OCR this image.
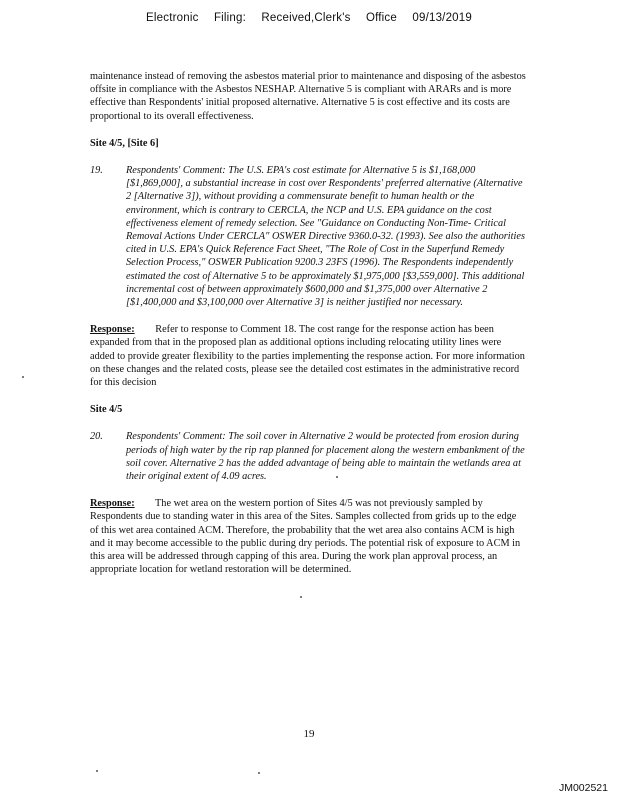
Electronic Filing: Received,Clerk's Office 09/13/2019

maintenance instead of removing the asbestos material prior to maintenance and disposing of the asbestos offsite in compliance with the Asbestos NESHAP. Alternative 5 is compliant with ARARs and is more effective than Respondents' initial proposed alternative. Alternative 5 is cost effective and its costs are proportional to its overall effectiveness.

Site 4/5, [Site 6]
19.	Respondents' Comment: The U.S. EPA's cost estimate for Alternative 5 is $1,168,000 [$1,869,000], a substantial increase in cost over Respondents' preferred alternative (Alternative 2 [Alternative 3]), without providing a commensurate benefit to human health or the environment, which is contrary to CERCLA, the NCP and U.S. EPA guidance on the cost effectiveness element of remedy selection. See "Guidance on Conducting Non-Time- Critical Removal Actions Under CERCLA" OSWER Directive 9360.0-32. (1993). See also the authorities cited in U.S. EPA's Quick Reference Fact Sheet, "The Role of Cost in the Superfund Remedy Selection Process," OSWER Publication 9200.3 23FS (1996). The Respondents independently estimated the cost of Alternative 5 to be approximately $1,975,000 [$3,559,000]. This additional incremental cost of between approximately $600,000 and $1,375,000 over Alternative 2 [$1,400,000 and $3,100,000 over Alternative 3] is neither justified nor necessary.

Response: Refer to response to Comment 18. The cost range for the response action has been expanded from that in the proposed plan as additional options including relocating utility lines were added to provide greater flexibility to the parties implementing the response action. For more information on these changes and the related costs, please see the detailed cost estimates in the administrative record for this decision

Site 4/5
20.	Respondents' Comment: The soil cover in Alternative 2 would be protected from erosion during periods of high water by the rip rap planned for placement along the western embankment of the soil cover. Alternative 2 has the added advantage of being able to maintain the wetlands area at their original extent of 4.09 acres.

Response: The wet area on the western portion of Sites 4/5 was not previously sampled by Respondents due to standing water in this area of the Sites. Samples collected from grids up to the edge of this wet area contained ACM. Therefore, the probability that the wet area also contains ACM is high and it may become accessible to the public during dry periods. The potential risk of exposure to ACM in this area will be addressed through capping of this area. During the work plan approval process, an appropriate location for wetland restoration will be determined.

19
JM002521
